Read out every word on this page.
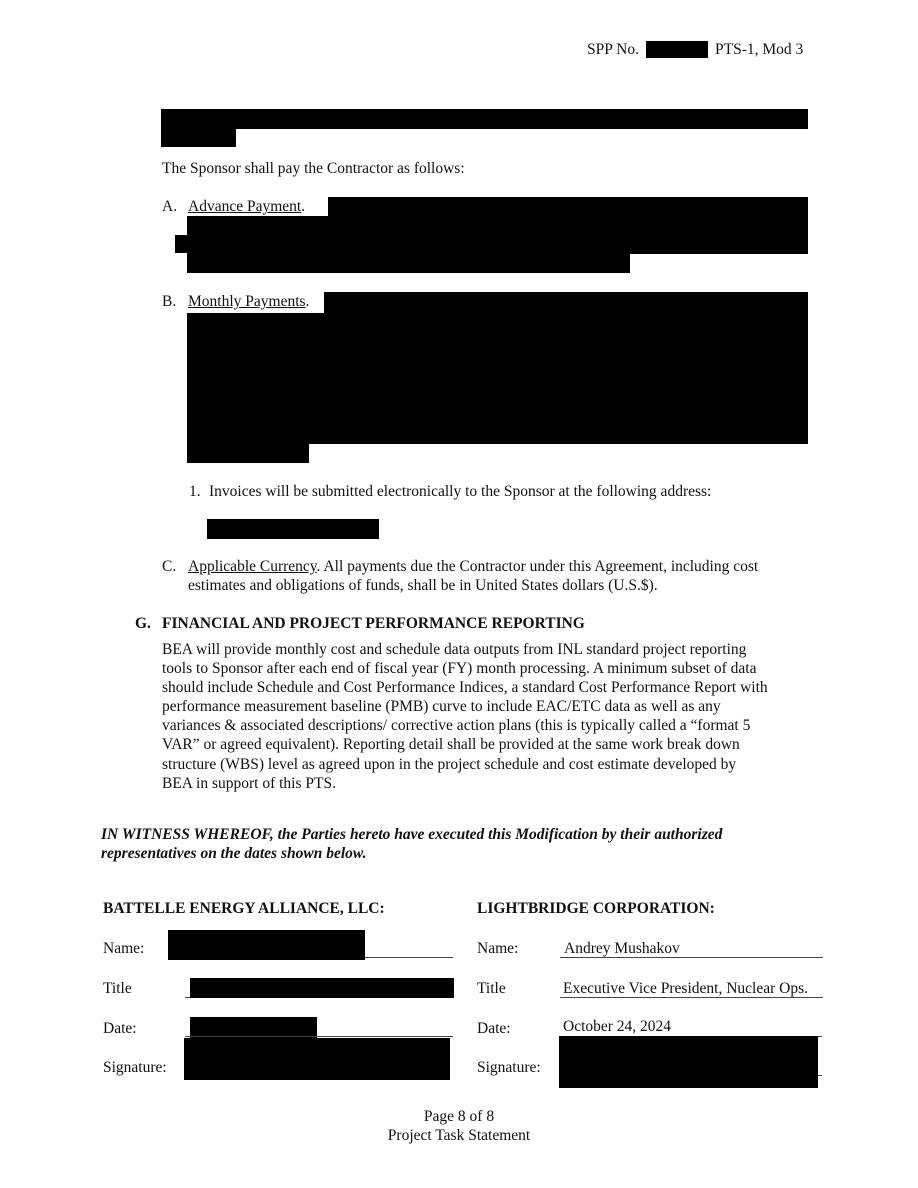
SPP No.	PTS-1, Mod 3
The Sponsor shall pay the Contractor as follows:
A. Advance Payment.
B. Monthly Payments.
1. Invoices will be submitted electronically to the Sponsor at the following address:
C. Applicable Currency. All payments due the Contractor under this Agreement, including cost
estimates and obligations of funds, shall be in United States dollars (U.S.$).
G. FINANCIAL AND PROJECT PERFORMANCE REPORTING
BEA will provide monthly cost and schedule data outputs from INL standard project reporting
tools to Sponsor after each end of fiscal year (FY) month processing. A minimum subset of data
should include Schedule and Cost Performance Indices, a standard Cost Performance Report with
performance measurement baseline (PMB) curve to include EAC/ETC data as well as any
variances & associated descriptions/ corrective action plans (this is typically called a “format 5
VAR” or agreed equivalent). Reporting detail shall be provided at the same work break down
structure (WBS) level as agreed upon in the project schedule and cost estimate developed by
BEA in support of this PTS.
IN WITNESS WHEREOF, the Parties hereto have executed this Modification by their authorized
representatives on the dates shown below.
BATTELLE ENERGY ALLIANCE, LLC:
Name:
Title
Date:
Signature:
LIGHTBRIDGE CORPORATION:
Name:	Andrey Mushakov
Title	Executive Vice President, Nuclear Ops.
Date:	October 24, 2024
Signature:
Page 8 of 8
Project Task Statement
